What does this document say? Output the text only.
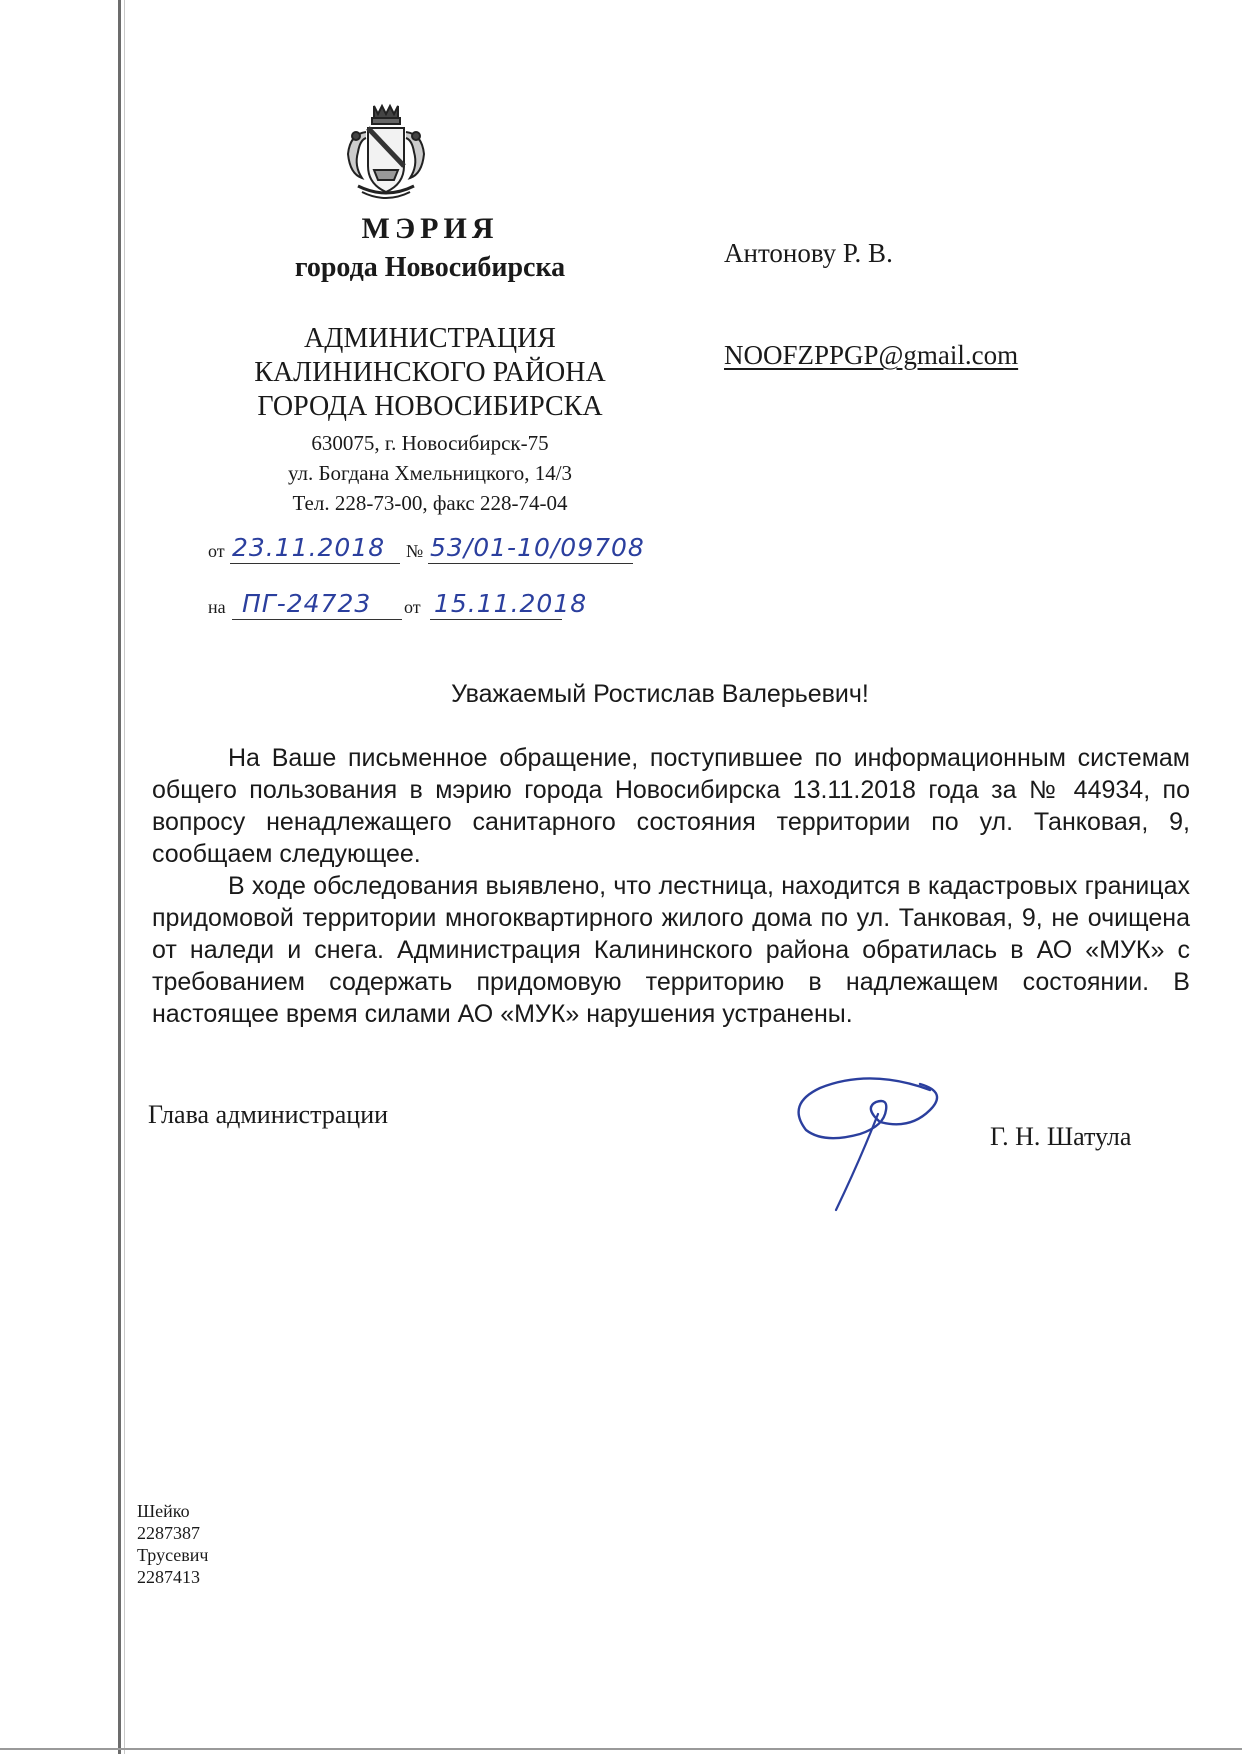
МЭРИЯ
города Новосибирска
АДМИНИСТРАЦИЯ
КАЛИНИНСКОГО РАЙОНА
ГОРОДА НОВОСИБИРСКА
630075, г. Новосибирск-75
ул. Богдана Хмельницкого, 14/3
Тел. 228-73-00, факс 228-74-04
от 23.11.2018 № 53/01-10/09708
на ПГ-24723 от 15.11.2018
Антонову Р. В.
NOOFZPPGP@gmail.com
Уважаемый Ростислав Валерьевич!

На Ваше письменное обращение, поступившее по информационным системам общего пользования в мэрию города Новосибирска 13.11.2018 года за № 44934, по вопросу ненадлежащего санитарного состояния территории по ул. Танковая, 9, сообщаем следующее.

В ходе обследования выявлено, что лестница, находится в кадастровых границах придомовой территории многоквартирного жилого дома по ул. Танковая, 9, не очищена от наледи и снега. Администрация Калининского района обратилась в АО «МУК» с требованием содержать придомовую территорию в надлежащем состоянии. В настоящее время силами АО «МУК» нарушения устранены.

Глава администрации
Г. Н. Шатула
Шейко
2287387
Трусевич
2287413
